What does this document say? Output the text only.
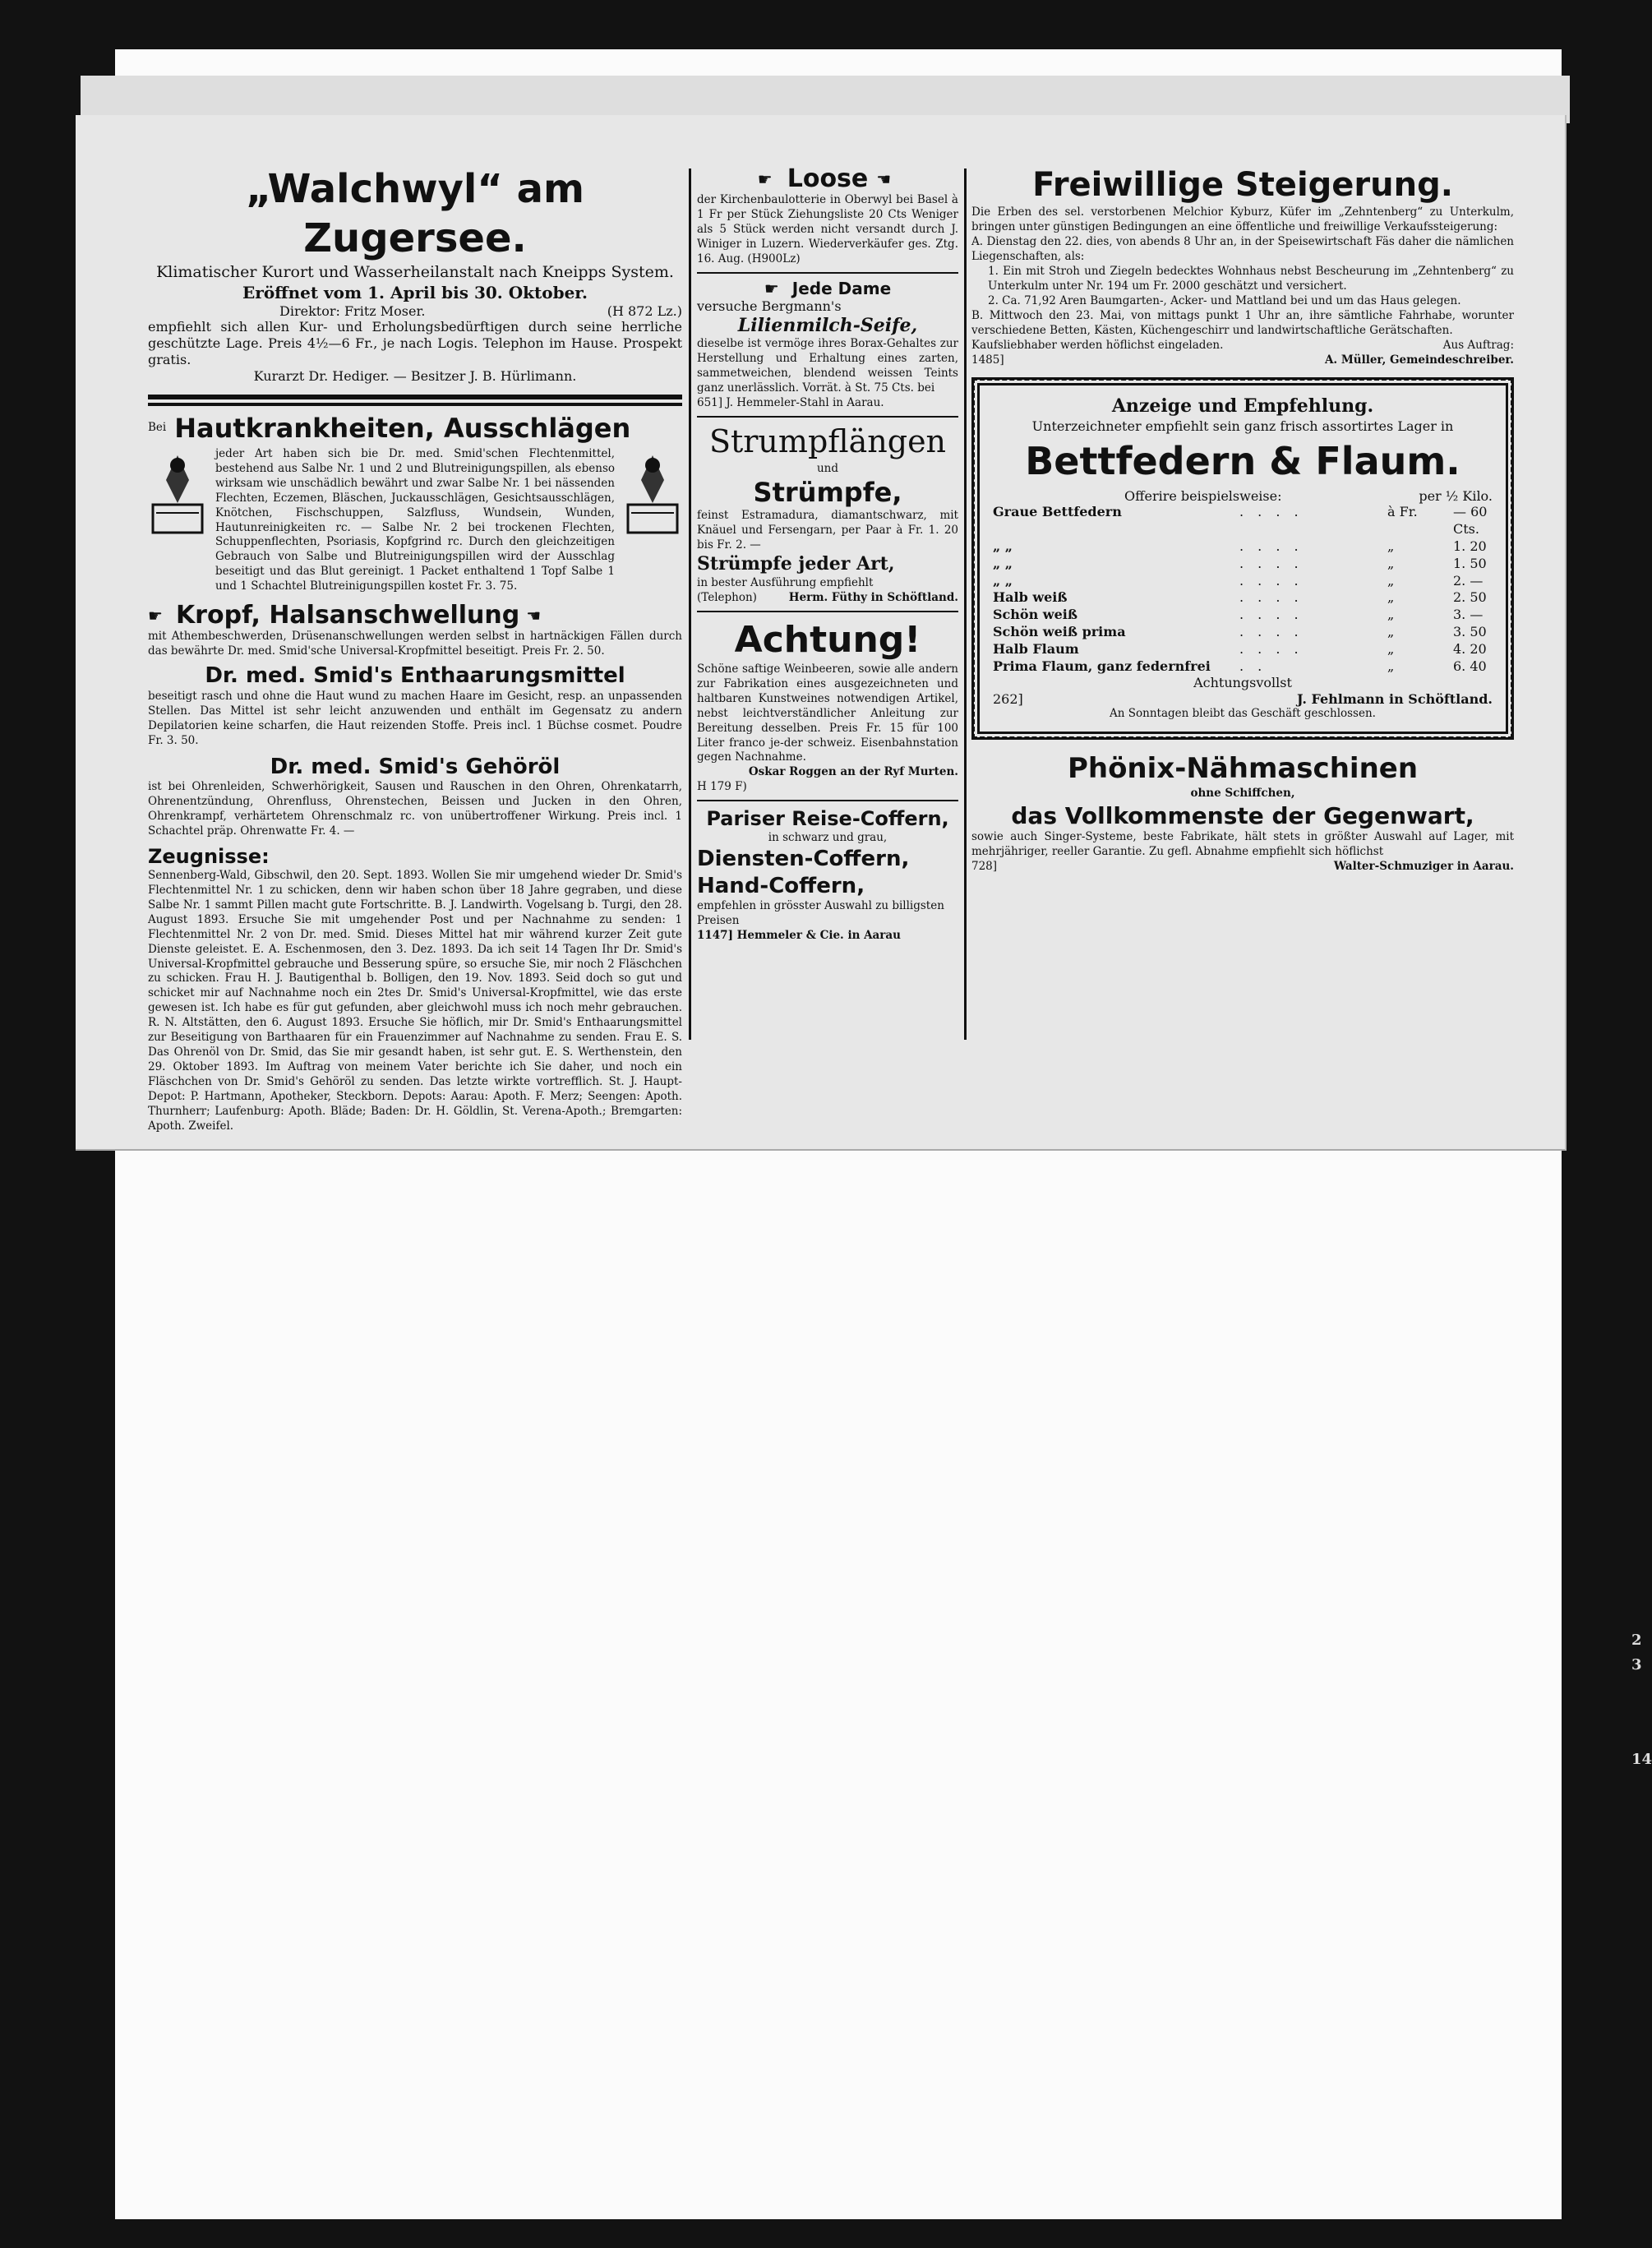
2
3
14
„Walchwyl“ am Zugersee.
Klimatischer Kurort und Wasserheilanstalt nach Kneipps System.
Eröffnet vom 1. April bis 30. Oktober.
Direktor: Fritz Moser.	(H 872 Lz.)
empfiehlt sich allen Kur- und Erholungsbedürftigen durch seine herrliche geschützte Lage. Preis 4½—6 Fr., je nach Logis. Telephon im Hause. Prospekt gratis.
Kurarzt Dr. Hediger. — Besitzer J. B. Hürlimann.
Bei Hautkrankheiten, Ausschlägen
jeder Art haben sich bie Dr. med. Smid'schen Flechtenmittel, bestehend aus Salbe Nr. 1 und 2 und Blutreinigungspillen, als ebenso wirksam wie unschädlich bewährt und zwar Salbe Nr. 1 bei nässenden Flechten, Eczemen, Bläschen, Juckausschlägen, Gesichtsausschlägen, Knötchen, Fischschuppen, Salzfluss, Wundsein, Wunden, Hautunreinigkeiten rc. — Salbe Nr. 2 bei trockenen Flechten, Schuppenflechten, Psoriasis, Kopfgrind rc. Durch den gleichzeitigen Gebrauch von Salbe und Blutreinigungspillen wird der Ausschlag beseitigt und das Blut gereinigt. 1 Packet enthaltend 1 Topf Salbe 1 und 1 Schachtel Blutreinigungspillen kostet Fr. 3. 75.
☛ Kropf, Halsanschwellung ☚
mit Athembeschwerden, Drüsenanschwellungen werden selbst in hartnäckigen Fällen durch das bewährte Dr. med. Smid'sche Universal-Kropfmittel beseitigt. Preis Fr. 2. 50.
Dr. med. Smid's Enthaarungsmittel
beseitigt rasch und ohne die Haut wund zu machen Haare im Gesicht, resp. an unpassenden Stellen. Das Mittel ist sehr leicht anzuwenden und enthält im Gegensatz zu andern Depilatorien keine scharfen, die Haut reizenden Stoffe. Preis incl. 1 Büchse cosmet. Poudre Fr. 3. 50.
Dr. med. Smid's Gehöröl
ist bei Ohrenleiden, Schwerhörigkeit, Sausen und Rauschen in den Ohren, Ohrenkatarrh, Ohrenentzündung, Ohrenfluss, Ohrenstechen, Beissen und Jucken in den Ohren, Ohrenkrampf, verhärtetem Ohrenschmalz rc. von unübertroffener Wirkung. Preis incl. 1 Schachtel präp. Ohrenwatte Fr. 4. —
Zeugnisse:
Sennenberg-Wald, Gibschwil, den 20. Sept. 1893. Wollen Sie mir umgehend wieder Dr. Smid's Flechtenmittel Nr. 1 zu schicken, denn wir haben schon über 18 Jahre gegraben, und diese Salbe Nr. 1 sammt Pillen macht gute Fortschritte. B. J. Landwirth. Vogelsang b. Turgi, den 28. August 1893. Ersuche Sie mit umgehender Post und per Nachnahme zu senden: 1 Flechtenmittel Nr. 2 von Dr. med. Smid. Dieses Mittel hat mir während kurzer Zeit gute Dienste geleistet. E. A. Eschenmosen, den 3. Dez. 1893. Da ich seit 14 Tagen Ihr Dr. Smid's Universal-Kropfmittel gebrauche und Besserung spüre, so ersuche Sie, mir noch 2 Fläschchen zu schicken. Frau H. J. Bautigenthal b. Bolligen, den 19. Nov. 1893. Seid doch so gut und schicket mir auf Nachnahme noch ein 2tes Dr. Smid's Universal-Kropfmittel, wie das erste gewesen ist. Ich habe es für gut gefunden, aber gleichwohl muss ich noch mehr gebrauchen. R. N. Altstätten, den 6. August 1893. Ersuche Sie höflich, mir Dr. Smid's Enthaarungsmittel zur Beseitigung von Barthaaren für ein Frauenzimmer auf Nachnahme zu senden. Frau E. S. Das Ohrenöl von Dr. Smid, das Sie mir gesandt haben, ist sehr gut. E. S. Werthenstein, den 29. Oktober 1893. Im Auftrag von meinem Vater berichte ich Sie daher, und noch ein Fläschchen von Dr. Smid's Gehöröl zu senden. Das letzte wirkte vortrefflich. St. J. Haupt-Depot: P. Hartmann, Apotheker, Steckborn. Depots: Aarau: Apoth. F. Merz; Seengen: Apoth. Thurnherr; Laufenburg: Apoth. Bläde; Baden: Dr. H. Göldlin, St. Verena-Apoth.; Bremgarten: Apoth. Zweifel.
☛ Loose ☚
der Kirchenbaulotterie in Oberwyl bei Basel à 1 Fr per Stück Ziehungsliste 20 Cts Weniger als 5 Stück werden nicht versandt durch J. Winiger in Luzern. Wiederverkäufer ges. Ztg. 16. Aug. (H900Lz)
☛ Jede Dame
versuche Bergmann's
Lilienmilch-Seife,
dieselbe ist vermöge ihres Borax-Gehaltes zur Herstellung und Erhaltung eines zarten, sammetweichen, blendend weissen Teints ganz unerlässlich. Vorrät. à St. 75 Cts. bei
651] J. Hemmeler-Stahl in Aarau.
Strumpflängen
und
Strümpfe,
feinst Estramadura, diamantschwarz, mit Knäuel und Fersengarn, per Paar à Fr. 1. 20 bis Fr. 2. —
Strümpfe jeder Art,
in bester Ausführung empfiehlt
(Telephon)	Herm. Füthy in Schöftland.
Achtung!
Schöne saftige Weinbeeren, sowie alle andern zur Fabrikation eines ausgezeichneten und haltbaren Kunstweines notwendigen Artikel, nebst leichtverständlicher Anleitung zur Bereitung desselben. Preis Fr. 15 für 100 Liter franco je-der schweiz. Eisenbahnstation gegen Nachnahme.
Oskar Roggen an der Ryf Murten.
H 179 F)
Pariser Reise-Coffern,
in schwarz und grau,
Diensten-Coffern,
Hand-Coffern,
empfehlen in grösster Auswahl zu billigsten Preisen
1147] Hemmeler & Cie. in Aarau
Freiwillige Steigerung.
Die Erben des sel. verstorbenen Melchior Kyburz, Küfer im „Zehntenberg“ zu Unterkulm, bringen unter günstigen Bedingungen an eine öffentliche und freiwillige Verkaufssteigerung:
A. Dienstag den 22. dies, von abends 8 Uhr an, in der Speisewirtschaft Fäs daher die nämlichen Liegenschaften, als:
1. Ein mit Stroh und Ziegeln bedecktes Wohnhaus nebst Bescheurung im „Zehntenberg“ zu Unterkulm unter Nr. 194 um Fr. 2000 geschätzt und versichert.
2. Ca. 71,92 Aren Baumgarten-, Acker- und Mattland bei und um das Haus gelegen.
B. Mittwoch den 23. Mai, von mittags punkt 1 Uhr an, ihre sämtliche Fahrhabe, worunter verschiedene Betten, Kästen, Küchengeschirr und landwirtschaftliche Gerätschaften.
Kaufsliebhaber werden höflichst eingeladen.	Aus Auftrag:
1485]	A. Müller, Gemeindeschreiber.
Anzeige und Empfehlung.
Unterzeichneter empfiehlt sein ganz frisch assortirtes Lager in
Bettfedern & Flaum.
Offerire beispielsweise:	per ½ Kilo.
Graue Bettfedern	. . . .	à Fr.	— 60 Cts.
„ „	. . . .	„	1. 20
„ „	. . . .	„	1. 50
„ „	. . . .	„	2. —
Halb weiß	. . . .	„	2. 50
Schön weiß	. . . .	„	3. —
Schön weiß prima	. . . .	„	3. 50
Halb Flaum	. . . .	„	4. 20
Prima Flaum, ganz federnfrei	. .	„	6. 40
Achtungsvollst
262]	J. Fehlmann in Schöftland.
An Sonntagen bleibt das Geschäft geschlossen.
Phönix-Nähmaschinen
ohne Schiffchen,
das Vollkommenste der Gegenwart,
sowie auch Singer-Systeme, beste Fabrikate, hält stets in größter Auswahl auf Lager, mit mehrjähriger, reeller Garantie. Zu gefl. Abnahme empfiehlt sich höflichst
728]	Walter-Schmuziger in Aarau.
